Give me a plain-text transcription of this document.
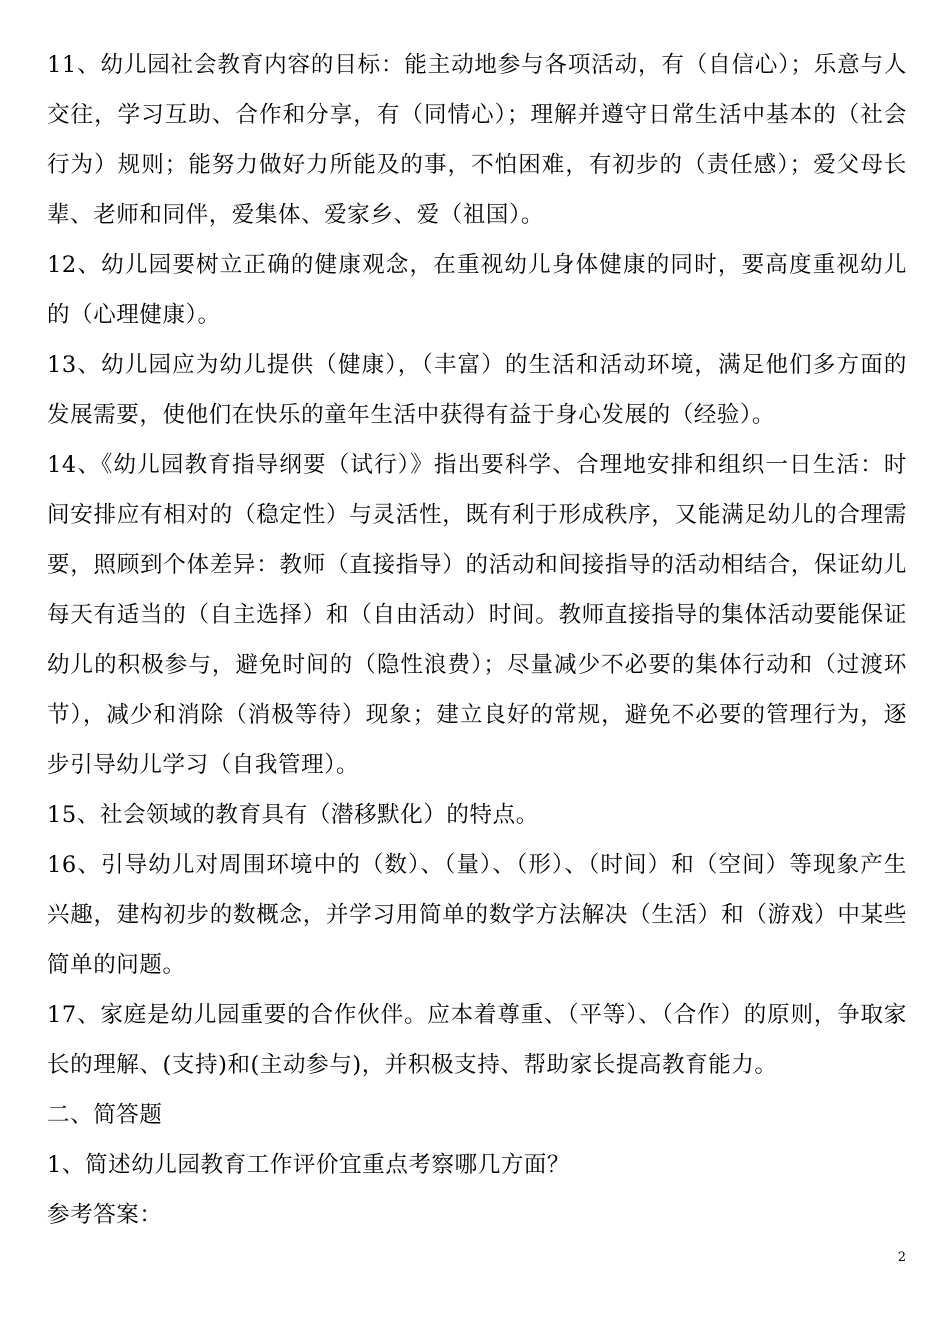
11、幼儿园社会教育内容的目标：能主动地参与各项活动，有（自信心）；乐意与人交往，学习互助、合作和分享，有（同情心）；理解并遵守日常生活中基本的（社会行为）规则；能努力做好力所能及的事，不怕困难，有初步的（责任感）；爱父母长辈、老师和同伴，爱集体、爱家乡、爱（祖国）。

12、幼儿园要树立正确的健康观念，在重视幼儿身体健康的同时，要高度重视幼儿的（心理健康）。

13、幼儿园应为幼儿提供（健康），（丰富）的生活和活动环境，满足他们多方面的发展需要，使他们在快乐的童年生活中获得有益于身心发展的（经验）。

14、《幼儿园教育指导纲要（试行）》指出要科学、合理地安排和组织一日生活：时间安排应有相对的（稳定性）与灵活性，既有利于形成秩序，又能满足幼儿的合理需要，照顾到个体差异：教师（直接指导）的活动和间接指导的活动相结合，保证幼儿每天有适当的（自主选择）和（自由活动）时间。教师直接指导的集体活动要能保证幼儿的积极参与，避免时间的（隐性浪费）；尽量减少不必要的集体行动和（过渡环节），减少和消除（消极等待）现象；建立良好的常规，避免不必要的管理行为，逐步引导幼儿学习（自我管理）。

15、社会领域的教育具有（潜移默化）的特点。

16、引导幼儿对周围环境中的（数）、（量）、（形）、（时间）和（空间）等现象产生兴趣，建构初步的数概念，并学习用简单的数学方法解决（生活）和（游戏）中某些简单的问题。

17、家庭是幼儿园重要的合作伙伴。应本着尊重、（平等）、（合作）的原则，争取家长的理解、(支持)和(主动参与)，并积极支持、帮助家长提高教育能力。

二、简答题

1、简述幼儿园教育工作评价宜重点考察哪几方面？

参考答案：

2
